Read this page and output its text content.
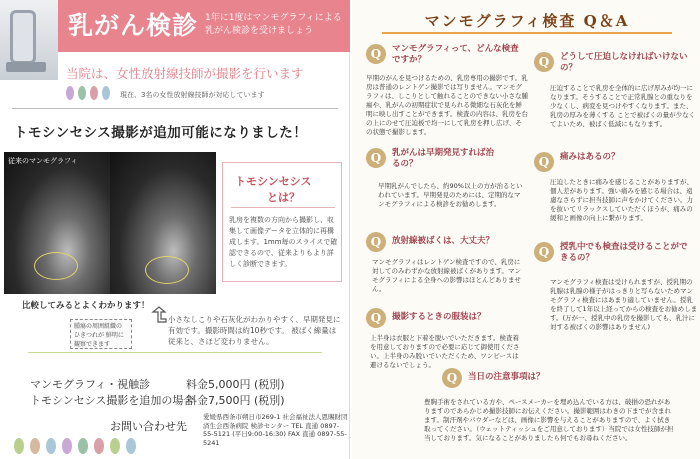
乳がん検診 1年に1度はマンモグラフィによる乳がん検診を受けましょう
当院は、女性放射線技師が撮影を行います
現在、3名の女性放射線技師が対応しています
トモシンセシス撮影が追加可能になりました！
従来のマンモグラフィ
トモシンセシス
とは？
乳房を複数の方向から撮影し、収集して画像データを立体的に再構成します。1mm毎のスライスで確認できるので、従来よりもより詳しく診断できます。
比較してみるとよくわかります！
腫瘍の周囲組織の ひきつれが 鮮明に観察できます
小さなしこりや石灰化がわかりやすく、早期発見に有効です。撮影時間は約10秒です。 被ばく線量は従来と、さほど変わりません。
マンモグラフィ・視触診	料金5,000円 (税別)
トモシンセシス撮影を追加の場合
料金7,500円 (税別)
お問い合わせ先
愛媛県西条市朔日市269-1 社会福祉法人恩賜財団済生会西条病院 検診センター TEL 直通 0897-55-5121 (平日9:00-16:30) FAX 直通 0897-55-5241
マンモグラフィ検査 Q＆A
Q	マンモグラフィって、どんな検査ですか？
早期のがんを見つけるための、乳房専用の撮影です。乳房は普通のレントゲン撮影では写りません。マンモグラフィは、しこりとして触れることのできない小さな腫瘍や、乳がんの初期症状で見られる微細な石灰化を鮮明に映し出すことができます。検査の内容は、乳房を台の上にのせて圧迫板で均一にして乳房を押し広げ、その状態で撮影します。
Q	どうして圧迫しなければいけないの？
圧迫することで乳房を全体的に広げ厚みが均一になります。そうすることで正常乳腺との重なりを少なくし、病変を見つけやすくなります。また、乳房の厚みを薄くする ことで被ばくの量が少なくてよいため、被ばく低減にもなります。
Q	乳がんは早期発見すれば治るの？
早期乳がんでしたら、約90%以上の方が治るといわれています。早期発見のためには、定期的なマンモグラフィによる検診をお勧めします。
Q	痛みはあるの？
圧迫したときに痛みを感じることがありますが、個人差があります。強い痛みを感じる場合は、遠慮なさらずに担当技師に声をかけてください。力を抜いてリラックスしていただくほうが、痛みの緩和と画像の向上に繋がります。
Q	放射線被ばくは、大丈夫？
マンモグラフィはレントゲン検査ですので、乳房に対してのみわずかな放射線被ばくがあります。マンモグラフィによる全身への影響はほとんどありません。
Q	授乳中でも検査は受けることができるの？
マンモグラフィ検査は受けられますが、授乳期の乳腺は乳腺の様子がはっきりと写らないためマンモグラフィ検査にはあまり適していません。授乳を終了して1年以上経ってからの検査をお勧めします。(万が一、授乳中の乳房を撮影しても、乳汁に対する被ばくの影響はありません)
Q	撮影するときの服装は？
上半身は衣服と下着を脱いでいただきます。検査着を用意しておりますので必要に応じて御使用ください。上半身のみ脱いでいただくため、ワンピースは避けるないでしょう。
Q	当日の注意事項は？
豊胸手術をされている方や、ペースメーカーを埋め込んでいる方は、破損の恐れがありますのであらかじめ撮影技師にお伝えください。撮影範囲はわきの下までが含まれます。制汗剤やパウダーなどは、画像に影響を与えることがありますので、よく拭き取ってください。（ウェットティッシュをご用意しております）当院では女性技師が担当しております。気になることがありましたら何でもお尋ねください。
